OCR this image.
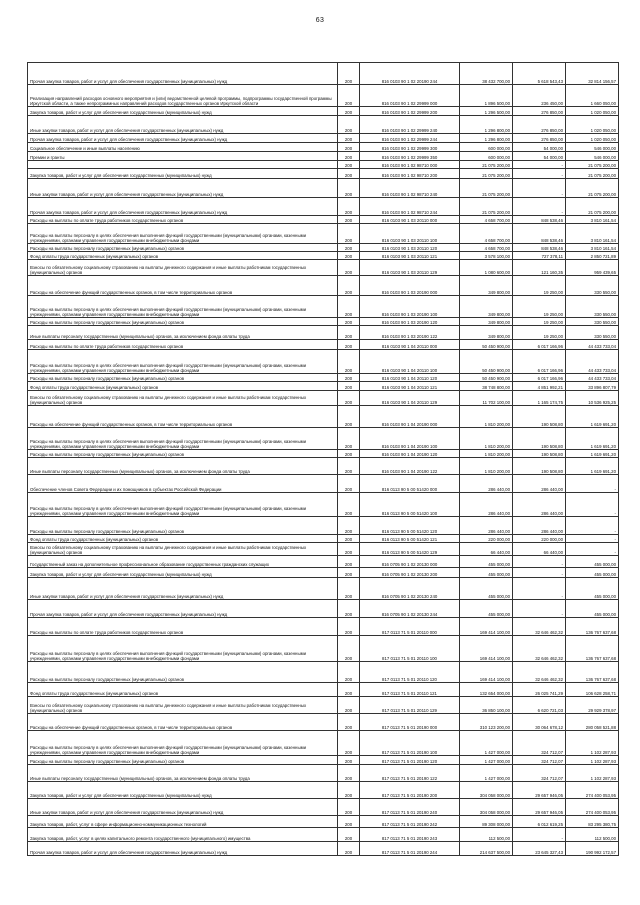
63
Прочая закупка товаров, работ и услуг для обеспечения государственных (муниципальных) нужд	200	816 0103 90 1 02 20190 244	38 432 700,00	5 618 543,43	32 814 156,57
Реализация направлений расходов основного мероприятия и (или) ведомственной целевой программы, подпрограммы государственной программы Иркутской области, а также непрограммных направлений расходов государственных органов Иркутской области	200	816 0103 90 1 02 29999 000	1 896 500,00	236 450,00	1 660 050,00
Закупка товаров, работ и услуг для обеспечения государственных (муниципальных) нужд	200	816 0103 90 1 02 29999 200	1 296 500,00	276 850,00	1 020 050,00
Иные закупки товаров, работ и услуг для обеспечения государственных (муниципальных) нужд	200	816 0103 90 1 02 29999 240	1 296 800,00	276 850,00	1 020 050,00
Прочая закупка товаров, работ и услуг для обеспечения государственных (муниципальных) нужд	200	816 0103 90 1 02 29999 244	1 296 800,00	276 850,00	1 020 050,00
Социальное обеспечение и иные выплаты населению	200	816 0103 90 1 02 29999 300	600 000,00	54 000,00	546 000,00
Премии и гранты	200	816 0103 90 1 02 29999 350	600 000,00	54 000,00	546 000,00
	200	816 0103 90 1 02 98710 000	21 075 200,00	-	21 075 200,00
Закупка товаров, работ и услуг для обеспечения государственных (муниципальных) нужд	200	816 0103 90 1 02 98710 200	21 075 200,00	-	21 075 200,00
Иные закупки товаров, работ и услуг для обеспечения государственных (муниципальных) нужд	200	816 0103 90 1 02 98710 240	21 075 200,00	-	21 075 200,00
Прочая закупка товаров, работ и услуг для обеспечения государственных (муниципальных) нужд	200	816 0103 90 1 02 98710 244	21 075 200,00	-	21 075 200,00
Расходы на выплаты по оплате труда работников государственных органов	200	816 0103 90 1 03 20110 000	4 658 700,00	848 538,46	3 810 161,54
Расходы на выплаты персоналу в целях обеспечения выполнения функций государственными (муниципальными) органами, казенными учреждениями, органами управления государственными внебюджетными фондами	200	816 0103 90 1 03 20110 100	4 658 700,00	848 538,46	3 810 161,54
Расходы на выплаты персоналу государственных (муниципальных) органов	200	816 0103 90 1 03 20110 120	4 658 700,00	848 538,46	3 810 161,54
Фонд оплаты труда государственных (муниципальных) органов	200	816 0103 90 1 03 20110 121	3 578 100,00	727 378,11	2 850 721,89
Взносы по обязательному социальному страхованию на выплаты денежного содержания и иные выплаты работникам государственных (муниципальных) органов	200	816 0103 90 1 03 20110 129	1 080 600,00	121 160,35	959 439,65
Расходы на обеспечение функций государственных органов, в том числе территориальных органов	200	816 0103 90 1 03 20190 000	349 800,00	19 250,00	330 550,00
Расходы на выплаты персоналу в целях обеспечения выполнения функций государственными (муниципальными) органами, казенными учреждениями, органами управления государственными внебюджетными фондами	200	816 0103 90 1 03 20190 100	349 800,00	19 250,00	330 550,00
Расходы на выплаты персоналу государственных (муниципальных) органов	200	816 0103 90 1 03 20190 120	349 800,00	19 250,00	330 550,00
Иные выплаты персоналу государственных (муниципальных) органов, за исключением фонда оплаты труда	200	816 0103 90 1 03 20190 122	349 800,00	19 250,00	330 550,00
Расходы на выплаты по оплате труда работников государственных органов	200	816 0103 90 1 04 20110 000	50 450 900,00	6 017 166,96	44 433 733,04
Расходы на выплаты персоналу в целях обеспечения выполнения функций государственными (муниципальными) органами, казенными учреждениями, органами управления государственными внебюджетными фондами	200	816 0103 90 1 04 20110 100	50 450 900,00	6 017 166,96	44 433 733,04
Расходы на выплаты персоналу государственных (муниципальных) органов	200	816 0103 90 1 04 20110 120	50 450 900,00	6 017 166,96	44 433 733,04
Фонд оплаты труда государственных (муниципальных) органов	200	816 0103 90 1 04 20110 121	38 748 800,00	4 851 992,21	33 896 807,79
Взносы по обязательному социальному страхованию на выплаты денежного содержания и иные выплаты работникам государственных (муниципальных) органов	200	816 0103 90 1 04 20110 129	11 702 100,00	1 165 174,75	10 536 925,25
Расходы на обеспечение функций государственных органов, в том числе территориальных органов	200	816 0103 90 1 04 20190 000	1 810 200,00	190 508,80	1 619 691,20
Расходы на выплаты персоналу в целях обеспечения выполнения функций государственными (муниципальными) органами, казенными учреждениями, органами управления государственными внебюджетными фондами	200	816 0103 90 1 04 20190 100	1 810 200,00	190 508,80	1 619 691,20
Расходы на выплаты персоналу государственных (муниципальных) органов	200	816 0103 90 1 04 20190 120	1 810 200,00	190 508,80	1 619 691,20
Иные выплаты персоналу государственных (муниципальных) органов, за исключением фонда оплаты труда	200	816 0103 90 1 04 20190 122	1 810 200,00	190 508,80	1 619 691,20
Обеспечение членов Совета Федерации и их помощников в субъектах Российской Федерации	200	816 0113 90 5 00 51420 000	286 440,00	286 440,00	-
Расходы на выплаты персоналу в целях обеспечения выполнения функций государственными (муниципальными) органами, казенными учреждениями, органами управления государственными внебюджетными фондами	200	816 0113 90 5 00 51420 100	286 440,00	286 440,00	-
Расходы на выплаты персоналу государственных (муниципальных) органов	200	816 0113 90 5 00 51420 120	286 440,00	286 440,00	-
Фонд оплаты труда государственных (муниципальных) органов	200	816 0113 90 5 00 51420 121	220 000,00	220 000,00	-
Взносы по обязательному социальному страхованию на выплаты денежного содержания и иные выплаты работникам государственных (муниципальных) органов	200	816 0113 90 5 00 51420 129	66 440,00	66 440,00	-
Государственный заказ на дополнительное профессиональное образование государственных гражданских служащих	200	816 0705 90 1 02 20130 000	455 000,00	-	455 000,00
Закупка товаров, работ и услуг для обеспечения государственных (муниципальных) нужд	200	816 0705 90 1 02 20130 200	455 000,00	-	455 000,00
Иные закупки товаров, работ и услуг для обеспечения государственных (муниципальных) нужд	200	816 0705 90 1 02 20130 240	455 000,00	-	455 000,00
Прочая закупка товаров, работ и услуг для обеспечения государственных (муниципальных) нужд	200	816 0705 90 1 02 20130 244	455 000,00	-	455 000,00
Расходы на выплаты по оплате труда работников государственных органов	200	817 0113 71 5 01 20110 000	169 414 100,00	32 646 462,32	136 767 637,68
Расходы на выплаты персоналу в целях обеспечения выполнения функций государственными (муниципальными) органами, казенными учреждениями, органами управления государственными внебюджетными фондами	200	817 0113 71 5 01 20110 100	169 414 100,00	32 646 462,32	136 767 637,68
Расходы на выплаты персоналу государственных (муниципальных) органов	200	817 0113 71 5 01 20110 120	169 414 100,00	32 646 462,32	136 767 637,68
Фонд оплаты труда государственных (муниципальных) органов	200	817 0113 71 5 01 20110 121	132 654 000,00	26 025 741,29	106 628 258,71
Взносы по обязательному социальному страхованию на выплаты денежного содержания и иные выплаты работникам государственных (муниципальных) органов	200	817 0113 71 5 01 20110 129	36 850 100,00	6 620 721,03	29 929 378,97
Расходы на обеспечение функций государственных органов, в том числе территориальных органов	200	817 0113 71 5 01 20190 000	310 123 200,00	30 064 678,12	280 058 521,88
Расходы на выплаты персоналу в целях обеспечения выполнения функций государственными (муниципальными) органами, казенными учреждениями, органами управления государственными внебюджетными фондами	200	817 0113 71 5 01 20190 100	1 427 000,00	324 712,07	1 102 287,93
Расходы на выплаты персоналу государственных (муниципальных) органов	200	817 0113 71 5 01 20190 120	1 427 000,00	324 712,07	1 102 287,93
Иные выплаты персоналу государственных (муниципальных) органов, за исключением фонда оплаты труда	200	817 0113 71 5 01 20190 122	1 427 000,00	324 712,07	1 102 287,93
Закупка товаров, работ и услуг для обеспечения государственных (муниципальных) нужд	200	817 0113 71 5 01 20190 200	304 058 000,00	29 657 946,05	274 400 053,95
Иные закупки товаров, работ и услуг для обеспечения государственных (муниципальных) нужд	200	817 0113 71 5 01 20190 240	304 058 000,00	29 657 946,05	274 400 053,95
Закупка товаров, работ, услуг в сфере информационно-коммуникационных технологий	200	817 0113 71 5 01 20190 242	89 308 000,00	6 012 619,25	83 295 380,75
Закупка товаров, работ, услуг в целях капитального ремонта государственного (муниципального) имущества	200	817 0113 71 5 01 20190 243	112 500,00	-	112 500,00
Прочая закупка товаров, работ и услуг для обеспечения государственных (муниципальных) нужд	200	817 0113 71 5 01 20190 244	214 637 500,00	23 645 327,43	190 992 172,57
